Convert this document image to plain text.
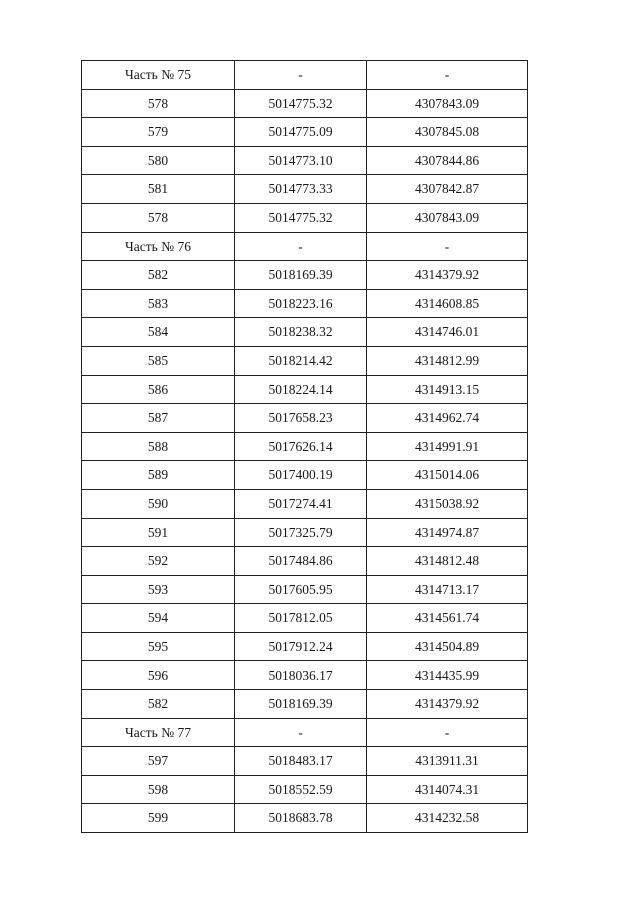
Часть № 75	-	-
578	5014775.32	4307843.09
579	5014775.09	4307845.08
580	5014773.10	4307844.86
581	5014773.33	4307842.87
578	5014775.32	4307843.09
Часть № 76	-	-
582	5018169.39	4314379.92
583	5018223.16	4314608.85
584	5018238.32	4314746.01
585	5018214.42	4314812.99
586	5018224.14	4314913.15
587	5017658.23	4314962.74
588	5017626.14	4314991.91
589	5017400.19	4315014.06
590	5017274.41	4315038.92
591	5017325.79	4314974.87
592	5017484.86	4314812.48
593	5017605.95	4314713.17
594	5017812.05	4314561.74
595	5017912.24	4314504.89
596	5018036.17	4314435.99
582	5018169.39	4314379.92
Часть № 77	-	-
597	5018483.17	4313911.31
598	5018552.59	4314074.31
599	5018683.78	4314232.58
